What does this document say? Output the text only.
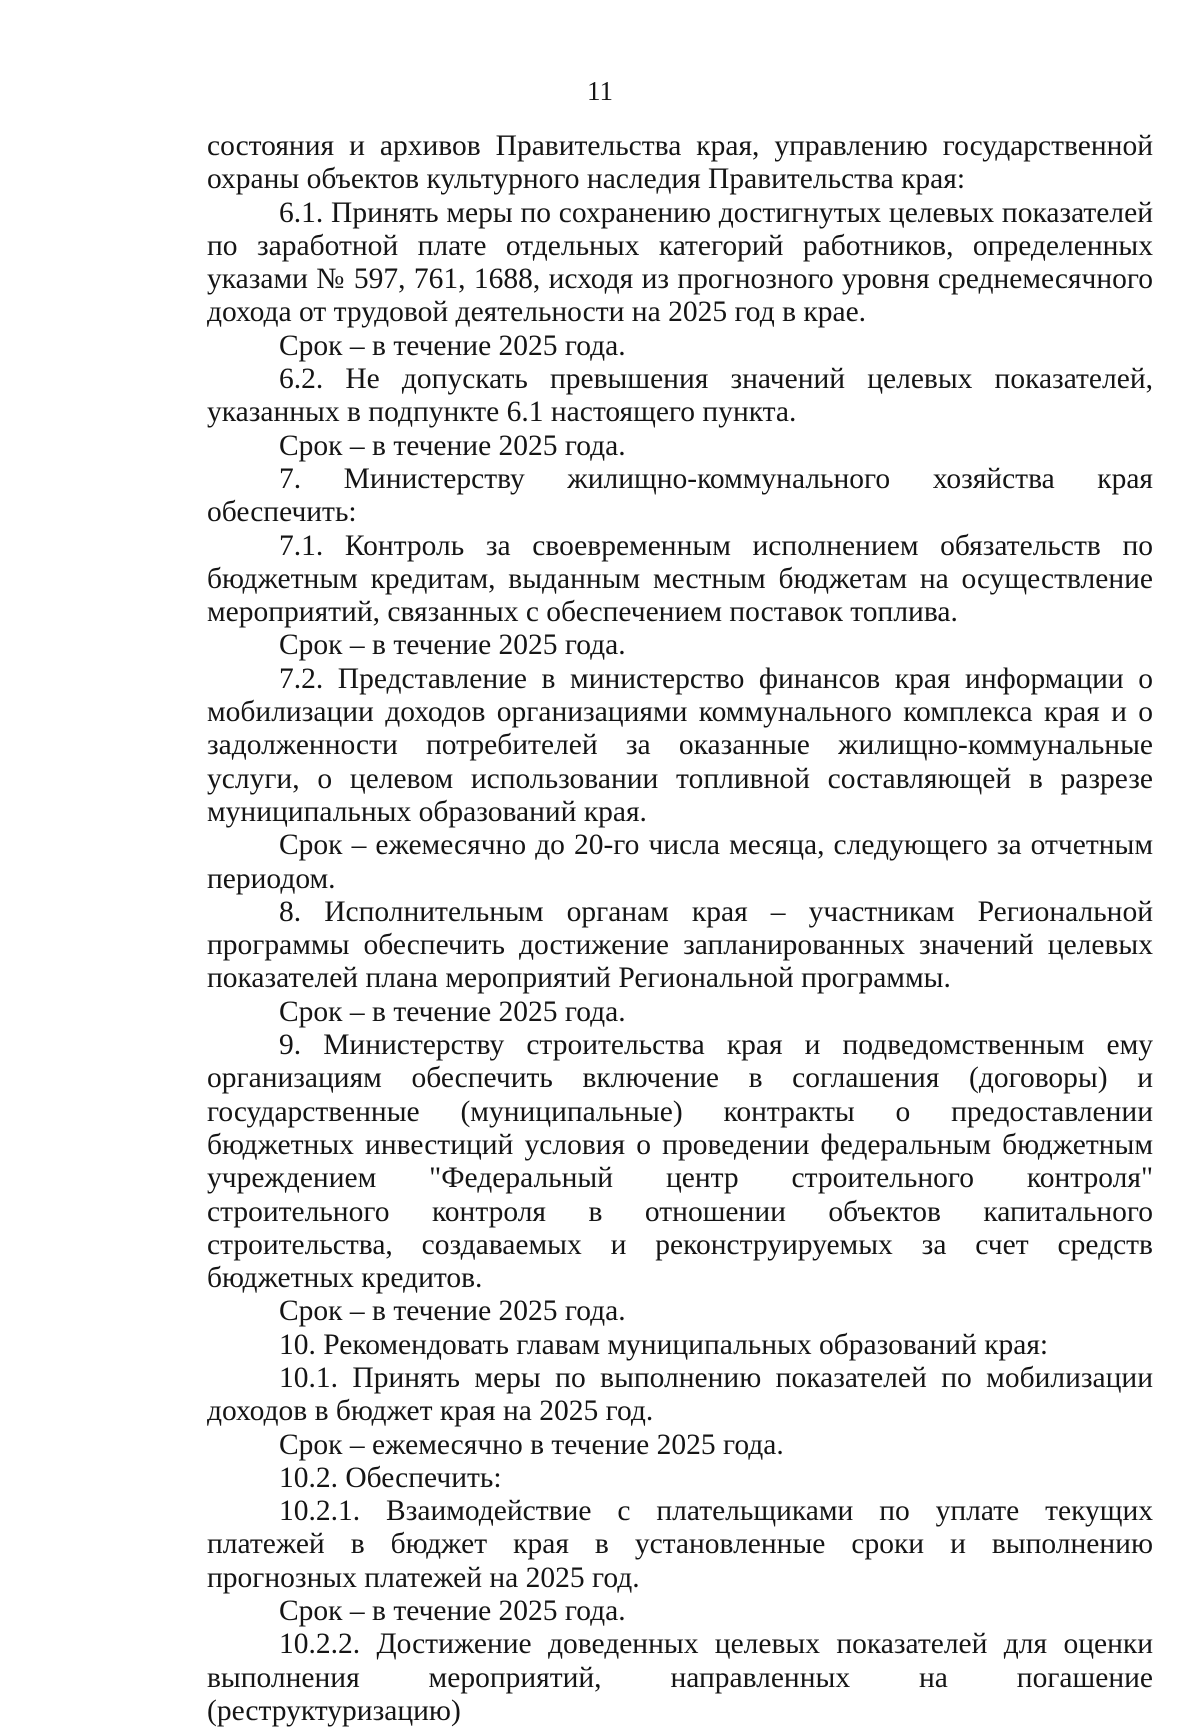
11

состояния и архивов Правительства края, управлению государственной охраны объектов культурного наследия Правительства края:

6.1. Принять меры по сохранению достигнутых целевых показателей по заработной плате отдельных категорий работников, определенных указами № 597, 761, 1688, исходя из прогнозного уровня среднемесячного дохода от трудовой деятельности на 2025 год в крае.

Срок – в течение 2025 года.

6.2. Не допускать превышения значений целевых показателей, указанных в подпункте 6.1 настоящего пункта.

Срок – в течение 2025 года.

7. Министерству жилищно-коммунального хозяйства края обеспечить:

7.1. Контроль за своевременным исполнением обязательств по бюджетным кредитам, выданным местным бюджетам на осуществление мероприятий, связанных с обеспечением поставок топлива.

Срок – в течение 2025 года.

7.2. Представление в министерство финансов края информации о мобилизации доходов организациями коммунального комплекса края и о задолженности потребителей за оказанные жилищно-коммунальные услуги, о целевом использовании топливной составляющей в разрезе муниципальных образований края.

Срок – ежемесячно до 20-го числа месяца, следующего за отчетным периодом.

8. Исполнительным органам края – участникам Региональной программы обеспечить достижение запланированных значений целевых показателей плана мероприятий Региональной программы.

Срок – в течение 2025 года.

9. Министерству строительства края и подведомственным ему организациям обеспечить включение в соглашения (договоры) и государственные (муниципальные) контракты о предоставлении бюджетных инвестиций условия о проведении федеральным бюджетным учреждением "Федеральный центр строительного контроля" строительного контроля в отношении объектов капитального строительства, создаваемых и реконструируемых за счет средств бюджетных кредитов.

Срок – в течение 2025 года.

10. Рекомендовать главам муниципальных образований края:

10.1. Принять меры по выполнению показателей по мобилизации доходов в бюджет края на 2025 год.

Срок – ежемесячно в течение 2025 года.

10.2. Обеспечить:

10.2.1. Взаимодействие с плательщиками по уплате текущих платежей в бюджет края в установленные сроки и выполнению прогнозных платежей на 2025 год.

Срок – в течение 2025 года.

10.2.2. Достижение доведенных целевых показателей для оценки выполнения мероприятий, направленных на погашение (реструктуризацию)
